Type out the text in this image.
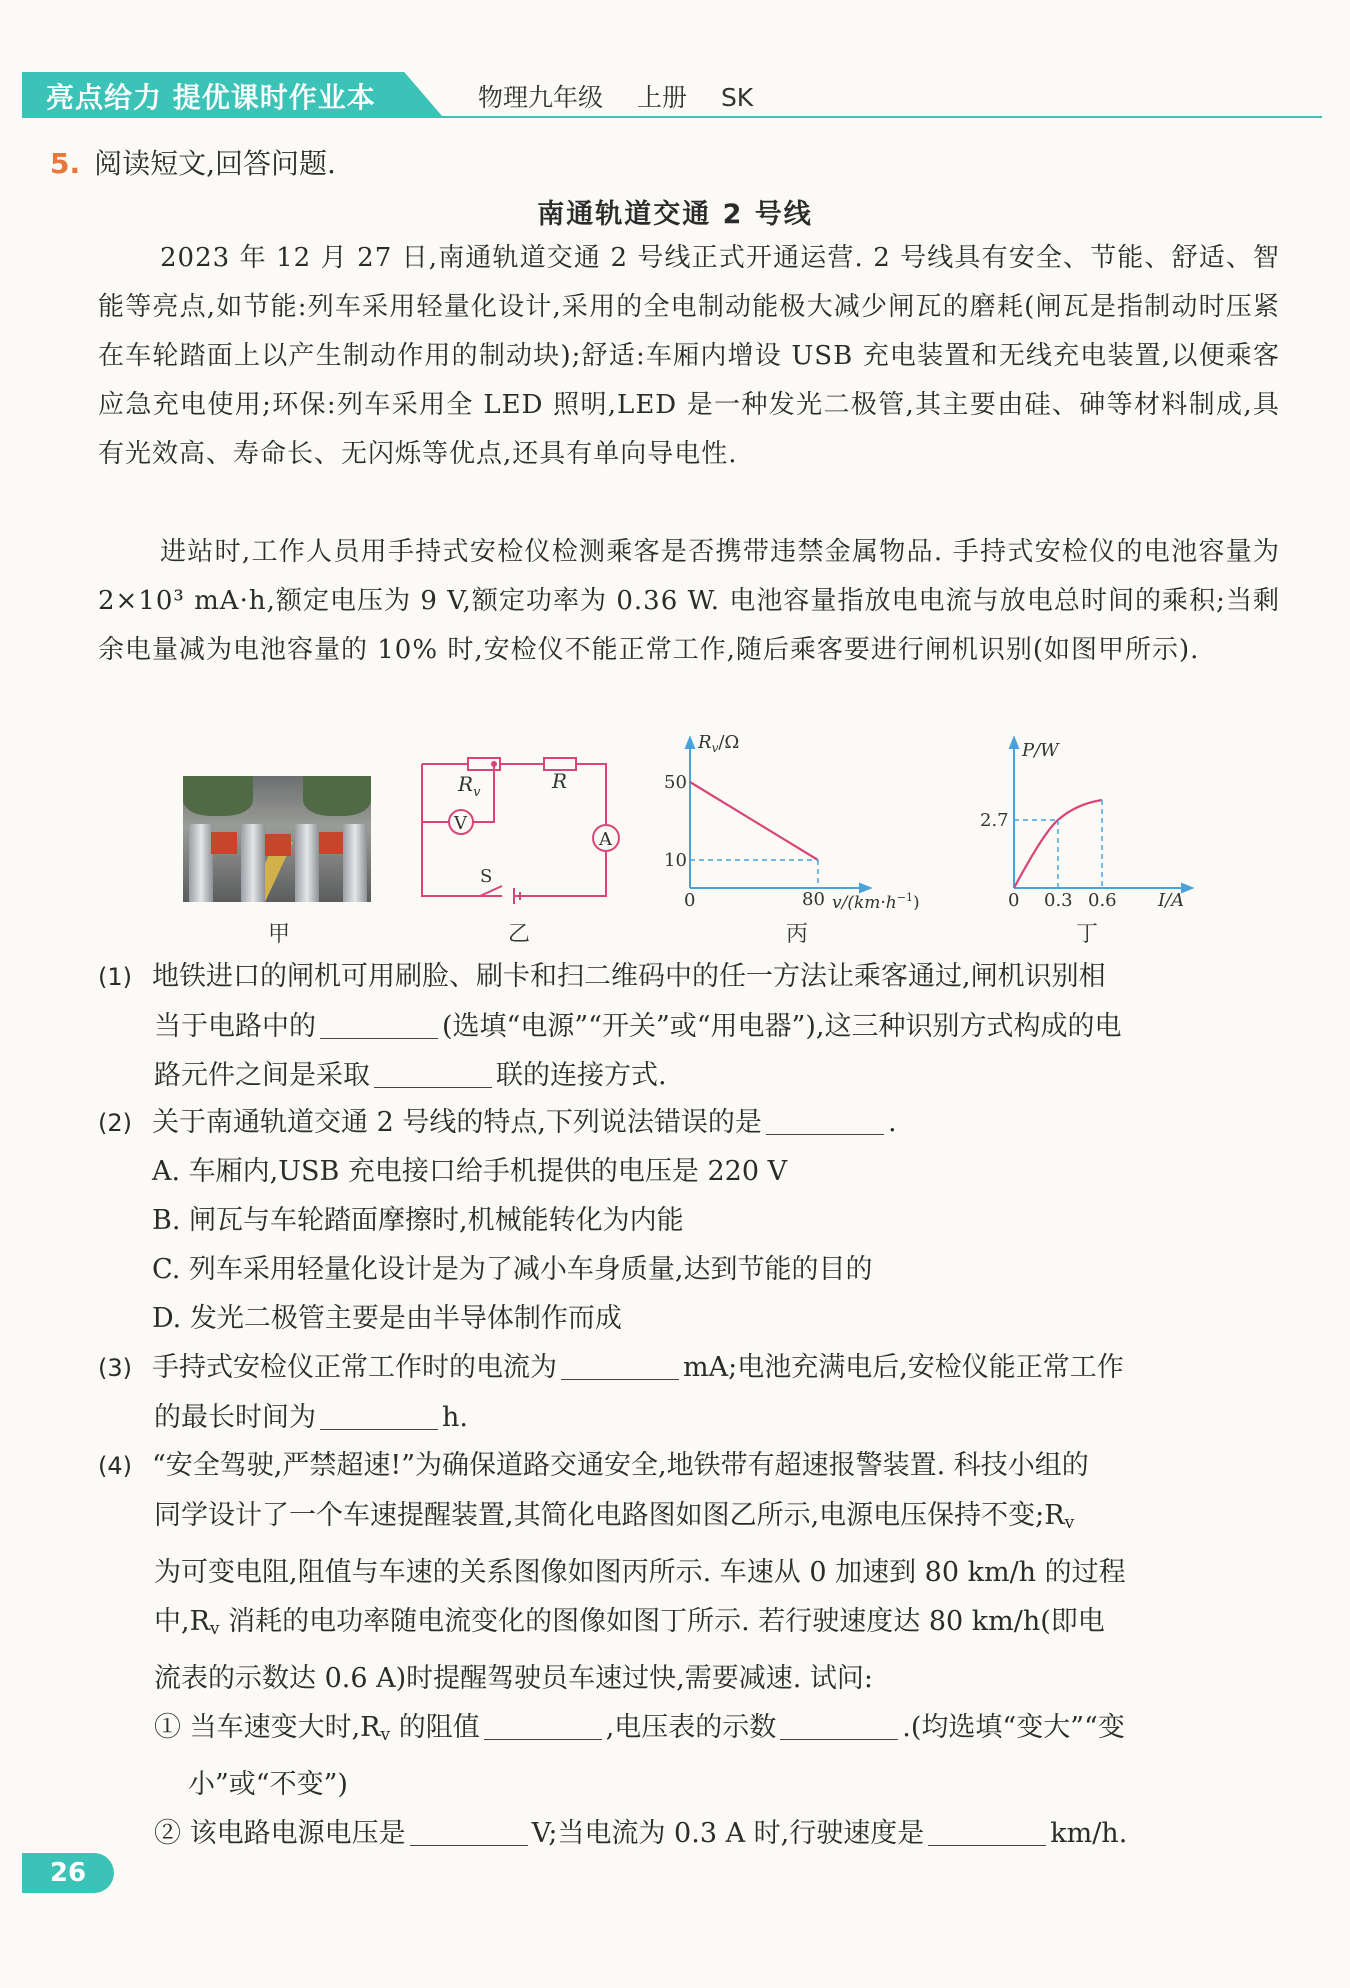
亮点给力 提优课时作业本	物理九年级 上册 SK
5. 阅读短文,回答问题.
南通轨道交通 2 号线
2023 年 12 月 27 日,南通轨道交通 2 号线正式开通运营. 2 号线具有安全、节能、舒适、智能等亮点,如节能:列车采用轻量化设计,采用的全电制动能极大减少闸瓦的磨耗(闸瓦是指制动时压紧在车轮踏面上以产生制动作用的制动块);舒适:车厢内增设 USB 充电装置和无线充电装置,以便乘客应急充电使用;环保:列车采用全 LED 照明,LED 是一种发光二极管,其主要由硅、砷等材料制成,具有光效高、寿命长、无闪烁等优点,还具有单向导电性.
进站时,工作人员用手持式安检仪检测乘客是否携带违禁金属物品. 手持式安检仪的电池容量为 2×10³ mA·h,额定电压为 9 V,额定功率为 0.36 W. 电池容量指放电电流与放电总时间的乘积;当剩余电量减为电池容量的 10% 时,安检仪不能正常工作,随后乘客要进行闸机识别(如图甲所示).
$R_v$	R
V
A
S
$R_v/\Omega$
50
10
0	80 $v/(km\cdot h^{-1})$
P/W
2.7
0 0.3 0.6 I/A
甲	乙	丙	丁
(1) 地铁进口的闸机可用刷脸、刷卡和扫二维码中的任一方法让乘客通过,闸机识别相
当于电路中的	(选填“电源”“开关”或“用电器”),这三种识别方式构成的电
路元件之间是采取	联的连接方式.
(2) 关于南通轨道交通 2 号线的特点,下列说法错误的是	.
A. 车厢内,USB 充电接口给手机提供的电压是 220 V
B. 闸瓦与车轮踏面摩擦时,机械能转化为内能
C. 列车采用轻量化设计是为了减小车身质量,达到节能的目的
D. 发光二极管主要是由半导体制作而成
(3) 手持式安检仪正常工作时的电流为	mA;电池充满电后,安检仪能正常工作
的最长时间为	h.
(4) “安全驾驶,严禁超速!”为确保道路交通安全,地铁带有超速报警装置. 科技小组的
同学设计了一个车速提醒装置,其简化电路图如图乙所示,电源电压保持不变$;R_v$
为可变电阻,阻值与车速的关系图像如图丙所示. 车速从 0 加速到 80 km/h 的过程
中$,R_v$ 消耗的电功率随电流变化的图像如图丁所示. 若行驶速度达 80 km/h(即电
流表的示数达 0.6 A)时提醒驾驶员车速过快,需要减速. 试问:
① 当车速变大时$,R_v$ 的阻值	,电压表的示数	.(均选填“变大”“变
小”或“不变”)
② 该电路电源电压是	V;当电流为 0.3 A 时,行驶速度是	km/h.
26
